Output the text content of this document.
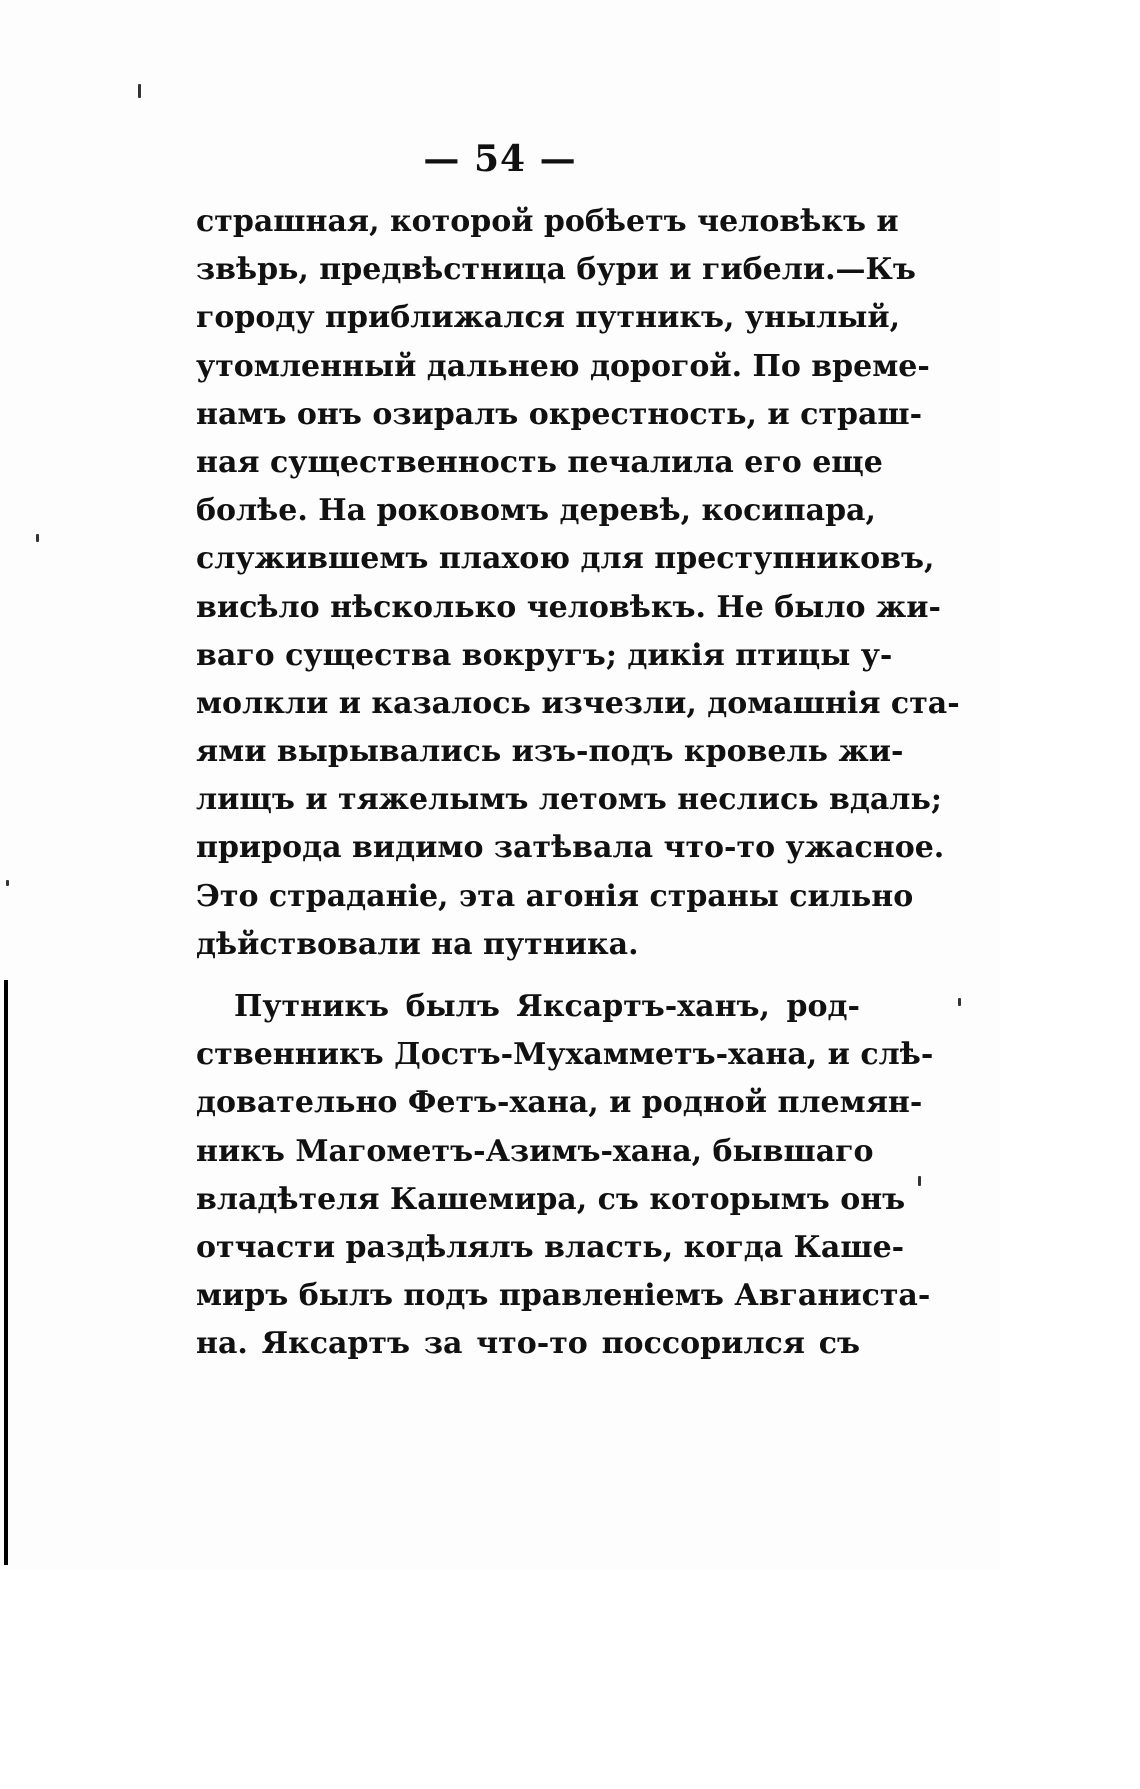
— 54 —
страшная, которой робѣетъ человѣкъ и
звѣрь, предвѣстница бури и гибели.—Къ
городу приближался путникъ, унылый,
утомленный дальнею дорогой. По време-
намъ онъ озиралъ окрестность, и страш-
ная существенность печалила его еще
болѣе. На роковомъ деревѣ, косипара,
служившемъ плахою для преступниковъ,
висѣло нѣсколько человѣкъ. Не было жи-
ваго существа вокругъ; дикія птицы у-
молкли и казалось изчезли, домашнія ста-
ями вырывались изъ-подъ кровель жи-
лищъ и тяжелымъ летомъ неслись вдаль;
природа видимо затѣвала что-то ужасное.
Это страданіе, эта агонія страны сильно
дѣйствовали на путника.
Путникъ былъ Яксартъ-ханъ, род-
ственникъ Достъ-Мухамметъ-хана, и слѣ-
довательно Фетъ-хана, и родной племян-
никъ Магометъ-Азимъ-хана, бывшаго
владѣтеля Кашемира, съ которымъ онъ
отчасти раздѣлялъ власть, когда Каше-
миръ былъ подъ правленіемъ Авганиста-
на. Яксартъ за что-то поссорился съ
